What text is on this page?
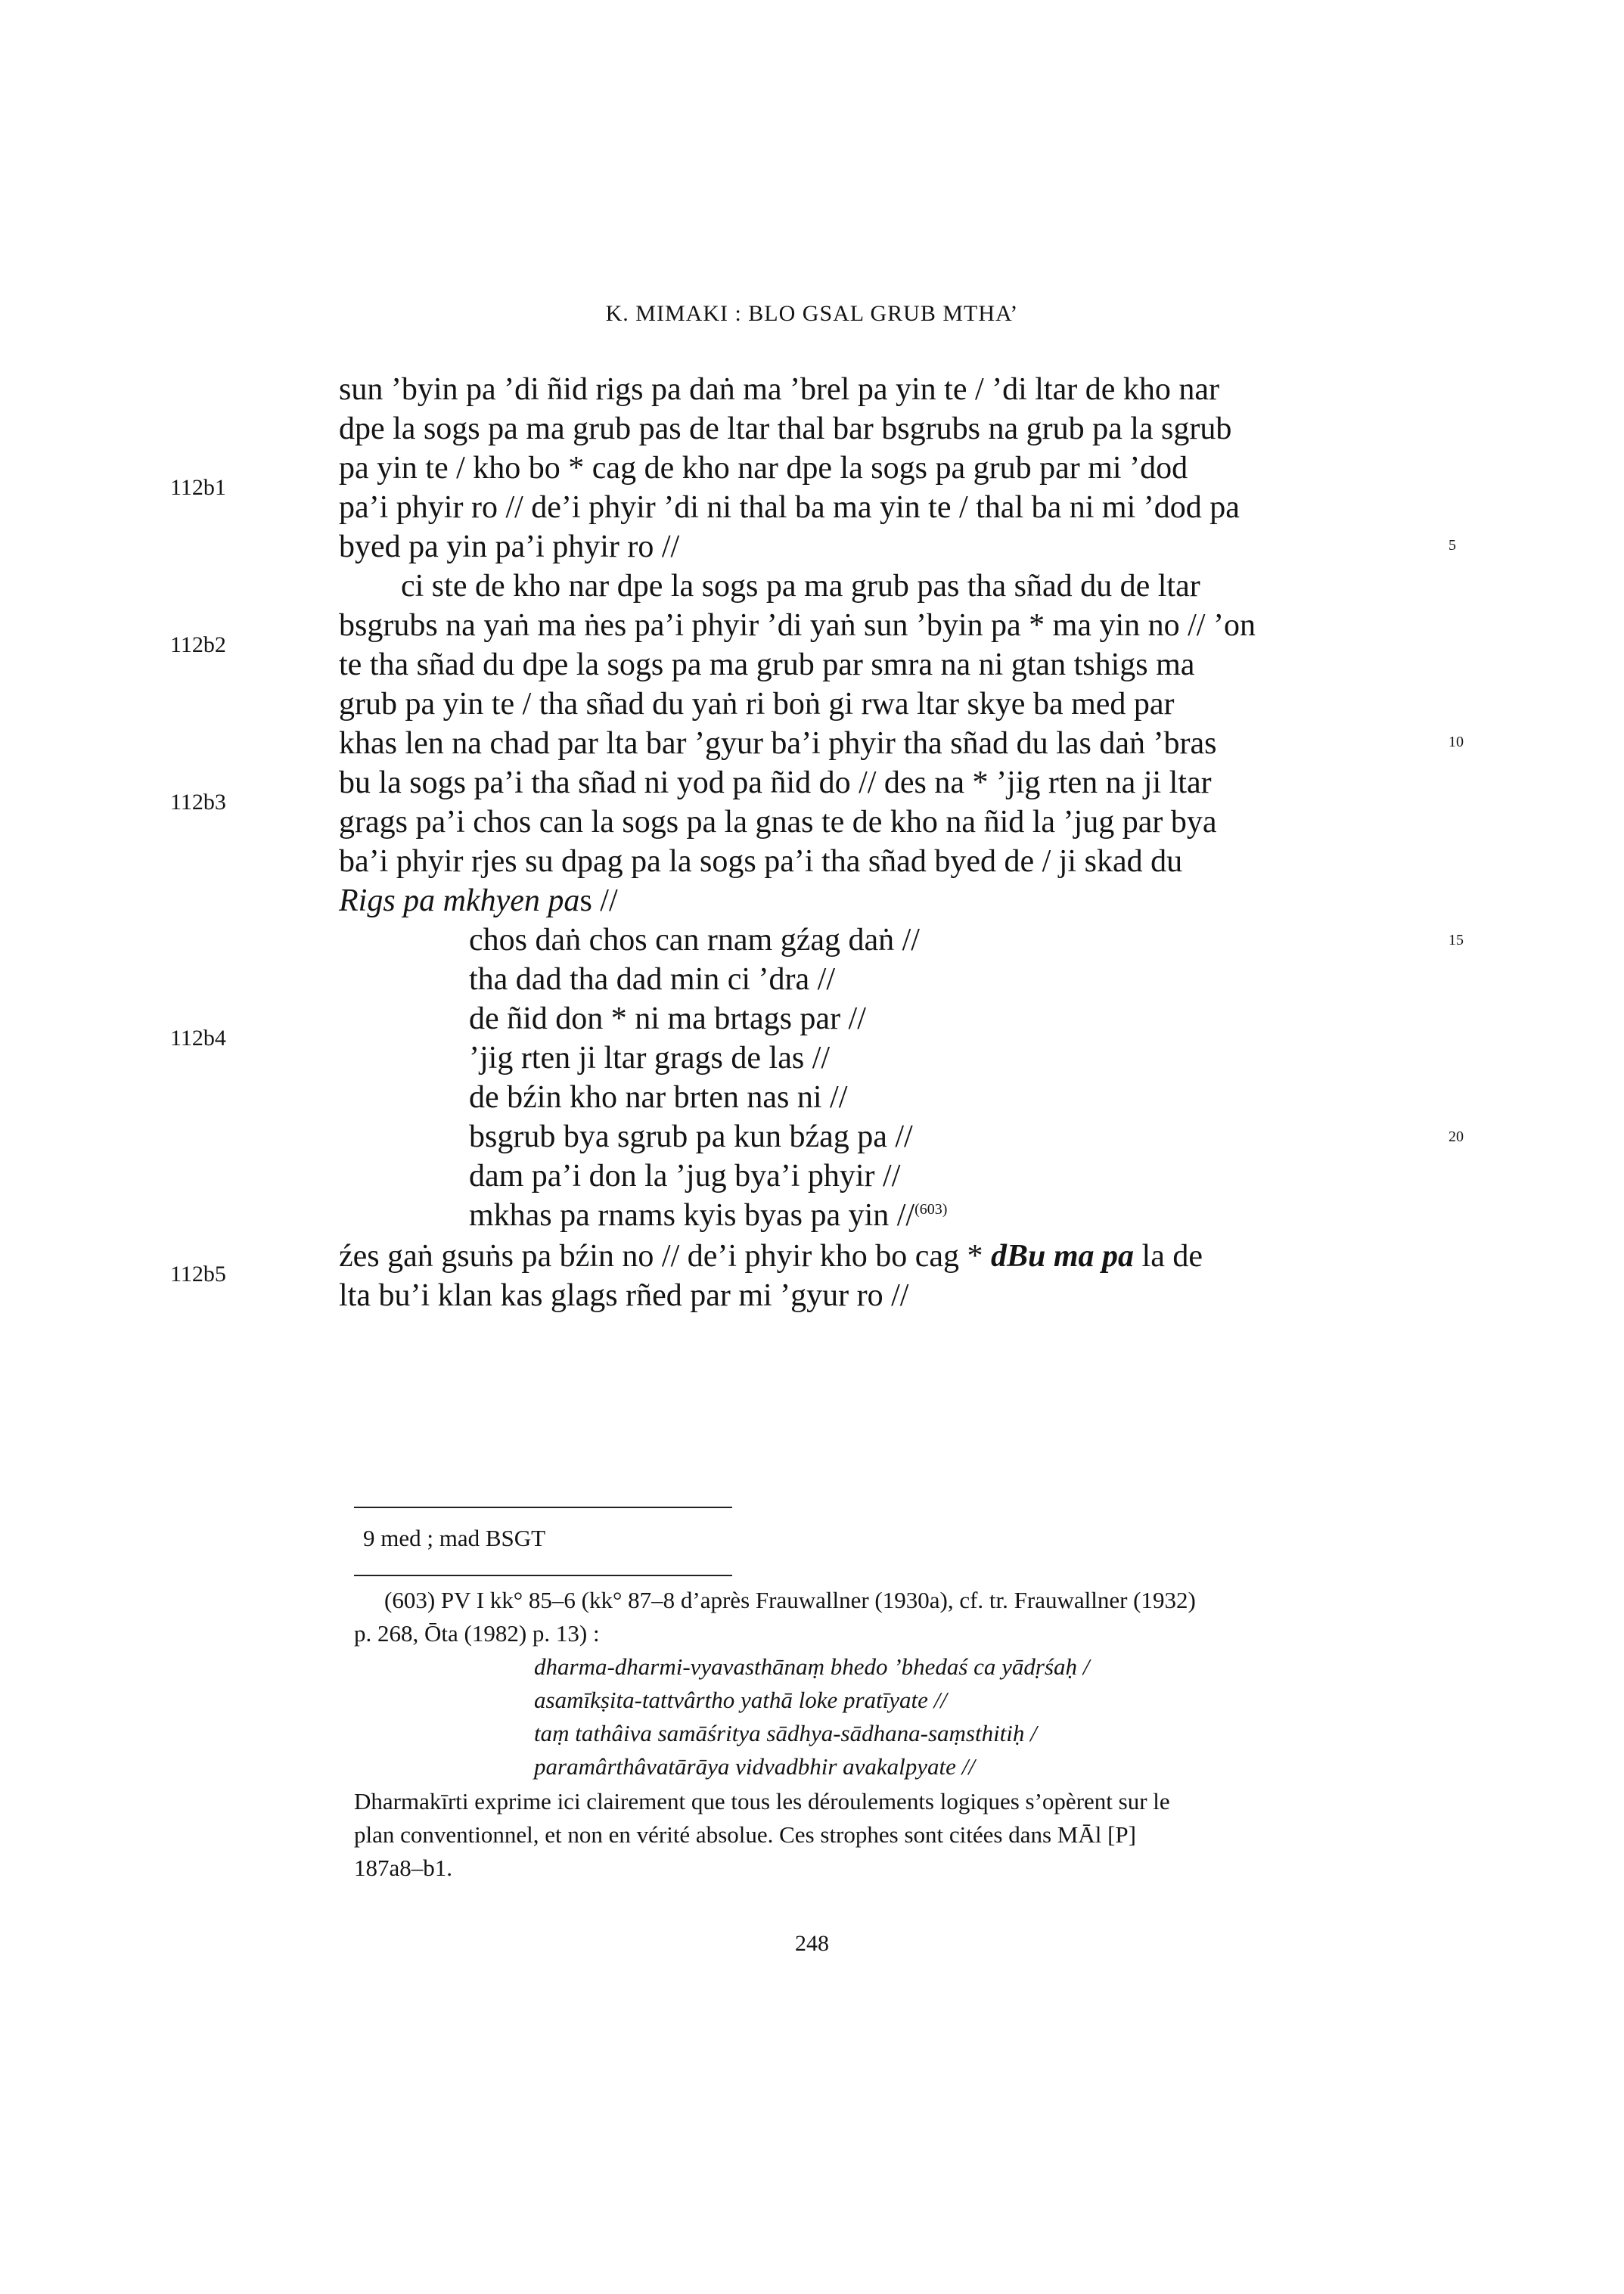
K. MIMAKI : BLO GSAL GRUB MTHA’
sun ’byin pa ’di ñid rigs pa daṅ ma ’brel pa yin te / ’di ltar de kho nar
dpe la sogs pa ma grub pas de ltar thal bar bsgrubs na grub pa la sgrub
pa yin te / kho bo * cag de kho nar dpe la sogs pa grub par mi ’dod
pa’i phyir ro // de’i phyir ’di ni thal ba ma yin te / thal ba ni mi ’dod pa
byed pa yin pa’i phyir ro //
ci ste de kho nar dpe la sogs pa ma grub pas tha sñad du de ltar
bsgrubs na yaṅ ma ṅes pa’i phyir ’di yaṅ sun ’byin pa * ma yin no // ’on
te tha sñad du dpe la sogs pa ma grub par smra na ni gtan tshigs ma
grub pa yin te / tha sñad du yaṅ ri boṅ gi rwa ltar skye ba med par
khas len na chad par lta bar ’gyur ba’i phyir tha sñad du las daṅ ’bras
bu la sogs pa’i tha sñad ni yod pa ñid do // des na * ’jig rten na ji ltar
grags pa’i chos can la sogs pa la gnas te de kho na ñid la ’jug par bya
ba’i phyir rjes su dpag pa la sogs pa’i tha sñad byed de / ji skad du
Rigs pa mkhyen pas //
chos daṅ chos can rnam gźag daṅ //
tha dad tha dad min ci ’dra //
de ñid don * ni ma brtags par //
’jig rten ji ltar grags de las //
de bźin kho nar brten nas ni //
bsgrub bya sgrub pa kun bźag pa //
dam pa’i don la ’jug bya’i phyir //
mkhas pa rnams kyis byas pa yin //$^{(603)}$
źes gaṅ gsuṅs pa bźin no // de’i phyir kho bo cag * dBu ma pa la de
lta bu’i klan kas glags rñed par mi ’gyur ro //
112b1
112b2
112b3
112b4
112b5
5
10
15
20
9 med ; mad BSGT
(603) PV I kk° 85–6 (kk° 87–8 d’après Frauwallner (1930a), cf. tr. Frauwallner (1932)
p. 268, Ōta (1982) p. 13) :
dharma-dharmi-vyavasthānaṃ bhedo ’bhedaś ca yādṛśaḥ /
asamīkṣita-tattvârtho yathā loke pratīyate //
taṃ tathâiva samāśritya sādhya-sādhana-saṃsthitiḥ /
paramârthâvatārāya vidvadbhir avakalpyate //
Dharmakīrti exprime ici clairement que tous les déroulements logiques s’opèrent sur le
plan conventionnel, et non en vérité absolue. Ces strophes sont citées dans MĀl [P]
187a8–b1.
248
